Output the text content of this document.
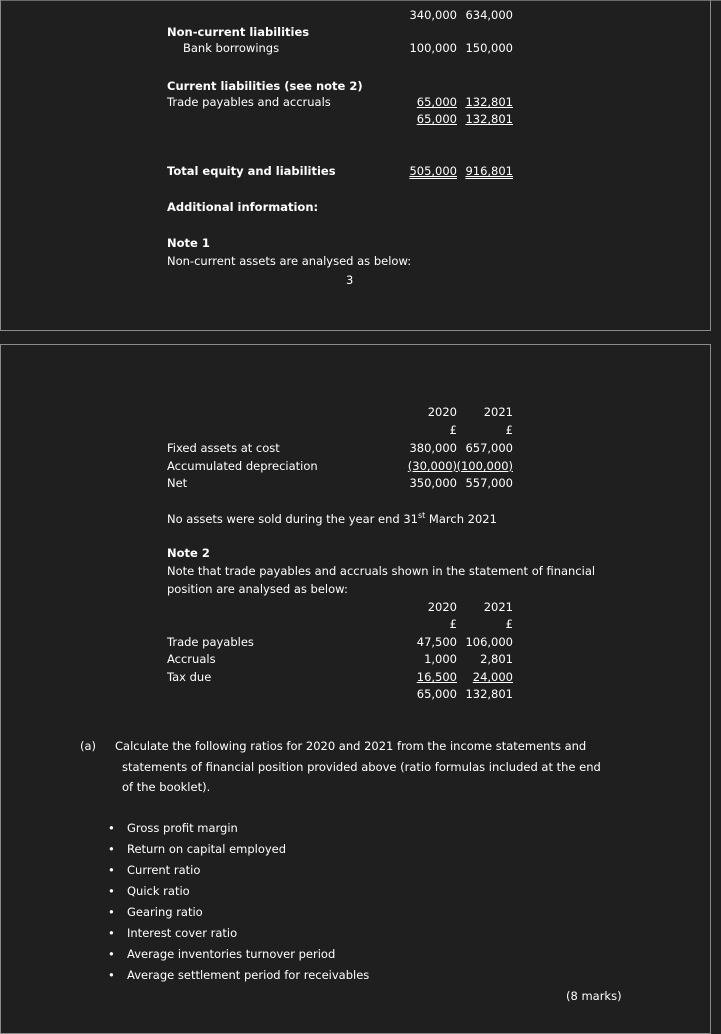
340,000 634,000
Non-current liabilities
Bank borrowings	100,000 150,000
Current liabilities (see note 2)
Trade payables and accruals	65,000 132,801
65,000 132,801
Total equity and liabilities	505,000 916,801
Additional information:
Note 1
Non-current assets are analysed as below:
3
2020 2021
£	£
Fixed assets at cost	380,000 657,000
Accumulated depreciation	(30,000) (100,000)
Net	350,000 557,000
No assets were sold during the year end 31st March 2021
Note 2
Note that trade payables and accruals shown in the statement of financial
position are analysed as below:
2020 2021
£	£
Trade payables	47,500 106,000
Accruals	1,000 2,801
Tax due	16,500 24,000
65,000 132,801
(a) Calculate the following ratios for 2020 and 2021 from the income statements and
statements of financial position provided above (ratio formulas included at the end
of the booklet).
• Gross profit margin
• Return on capital employed
• Current ratio
• Quick ratio
• Gearing ratio
• Interest cover ratio
• Average inventories turnover period
• Average settlement period for receivables
(8 marks)
